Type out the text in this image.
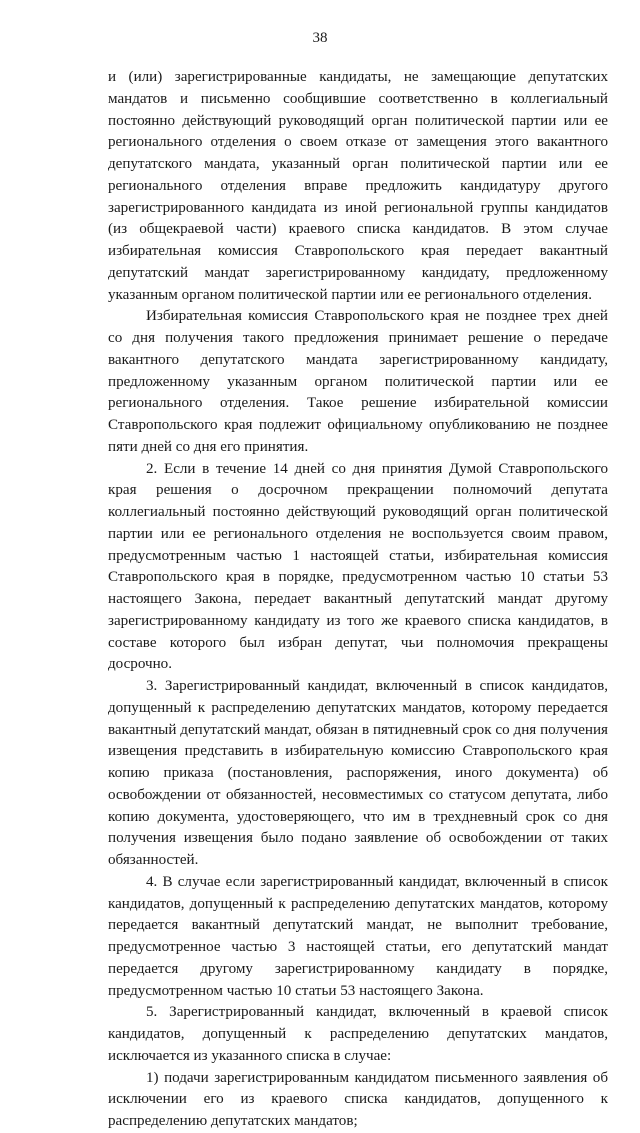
38

и (или) зарегистрированные кандидаты, не замещающие депутатских мандатов и письменно сообщившие соответственно в коллегиальный постоянно действующий руководящий орган политической партии или ее регионального отделения о своем отказе от замещения этого вакантного депутатского мандата, указанный орган политической партии или ее регионального отделения вправе предложить кандидатуру другого зарегистрированного кандидата из иной региональной группы кандидатов (из общекраевой части) краевого списка кандидатов. В этом случае избирательная комиссия Ставропольского края передает вакантный депутатский мандат зарегистрированному кандидату, предложенному указанным органом политической партии или ее регионального отделения.

Избирательная комиссия Ставропольского края не позднее трех дней со дня получения такого предложения принимает решение о передаче вакантного депутатского мандата зарегистрированному кандидату, предложенному указанным органом политической партии или ее регионального отделения. Такое решение избирательной комиссии Ставропольского края подлежит официальному опубликованию не позднее пяти дней со дня его принятия.

2. Если в течение 14 дней со дня принятия Думой Ставропольского края решения о досрочном прекращении полномочий депутата коллегиальный постоянно действующий руководящий орган политической партии или ее регионального отделения не воспользуется своим правом, предусмотренным частью 1 настоящей статьи, избирательная комиссия Ставропольского края в порядке, предусмотренном частью 10 статьи 53 настоящего Закона, передает вакантный депутатский мандат другому зарегистрированному кандидату из того же краевого списка кандидатов, в составе которого был избран депутат, чьи полномочия прекращены досрочно.

3. Зарегистрированный кандидат, включенный в список кандидатов, допущенный к распределению депутатских мандатов, которому передается вакантный депутатский мандат, обязан в пятидневный срок со дня получения извещения представить в избирательную комиссию Ставропольского края копию приказа (постановления, распоряжения, иного документа) об освобождении от обязанностей, несовместимых со статусом депутата, либо копию документа, удостоверяющего, что им в трехдневный срок со дня получения извещения было подано заявление об освобождении от таких обязанностей.

4. В случае если зарегистрированный кандидат, включенный в список кандидатов, допущенный к распределению депутатских мандатов, которому передается вакантный депутатский мандат, не выполнит требование, предусмотренное частью 3 настоящей статьи, его депутатский мандат передается другому зарегистрированному кандидату в порядке, предусмотренном частью 10 статьи 53 настоящего Закона.

5. Зарегистрированный кандидат, включенный в краевой список кандидатов, допущенный к распределению депутатских мандатов, исключается из указанного списка в случае:

1) подачи зарегистрированным кандидатом письменного заявления об исключении его из краевого списка кандидатов, допущенного к распределению депутатских мандатов;
